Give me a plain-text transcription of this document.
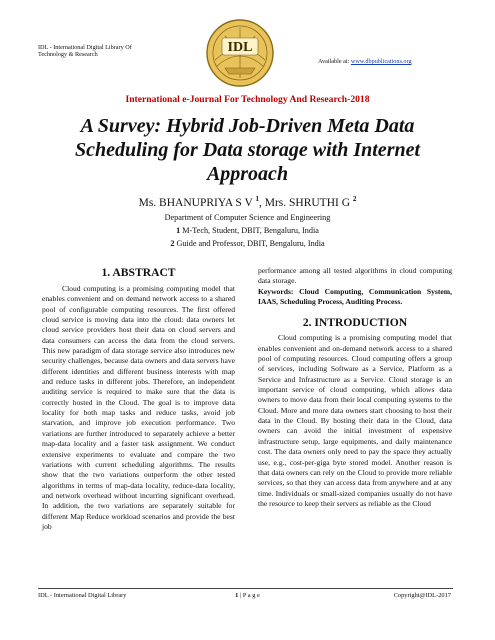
IDL - International Digital Library Of
Technology & Research	IDL
Available at: www.dbpublications.org
International e-Journal For Technology And Research-2018
A Survey: Hybrid Job-Driven Meta Data
Scheduling for Data storage with Internet
Approach
Ms. BHANUPRIYA S V $^1$, Mrs. SHRUTHI G $^2$
Department of Computer Science and Engineering
1 M-Tech, Student, DBIT, Bengaluru, India
2 Guide and Professor, DBIT, Bengaluru, India
1. ABSTRACT

Cloud computing is a promising computing model that enables convenient and on demand network access to a shared pool of configurable computing resources. The first offered cloud service is moving data into the cloud: data owners let cloud service providers host their data on cloud servers and data consumers can access the data from the cloud servers. This new paradigm of data storage service also introduces new security challenges, because data owners and data servers have different identities and different business interests with map and reduce tasks in different jobs. Therefore, an independent auditing service is required to make sure that the data is correctly hosted in the Cloud. The goal is to improve data locality for both map tasks and reduce tasks, avoid job starvation, and improve job execution performance. Two variations are further introduced to separately achieve a better map-data locality and a faster task assignment. We conduct extensive experiments to evaluate and compare the two variations with current scheduling algorithms. The results show that the two variations outperform the other tested algorithms in terms of map-data locality, reduce-data locality, and network overhead without incurring significant overhead. In addition, the two variations are separately suitable for different Map Reduce workload scenarios and provide the best job

performance among all tested algorithms in cloud computing data storage.

Keywords: Cloud Computing, Communication System, IAAS, Scheduling Process, Auditing Process.

2. INTRODUCTION

Cloud computing is a promising computing model that enables convenient and on-demand network access to a shared pool of computing resources. Cloud computing offers a group of services, including Software as a Service, Platform as a Service and Infrastructure as a Service. Cloud storage is an important service of cloud computing, which allows data owners to move data from their local computing systems to the Cloud. More and more data owners start choosing to host their data in the Cloud. By hosting their data in the Cloud, data owners can avoid the initial investment of expensive infrastructure setup, large equipments, and daily maintenance cost. The data owners only need to pay the space they actually use, e.g., cost-per-giga byte stored model. Another reason is that data owners can rely on the Cloud to provide more reliable services, so that they can access data from anywhere and at any time. Individuals or small-sized companies usually do not have the resource to keep their servers as reliable as the Cloud

IDL - International Digital Library	1 | P a g e	Copyright@IDL-2017
